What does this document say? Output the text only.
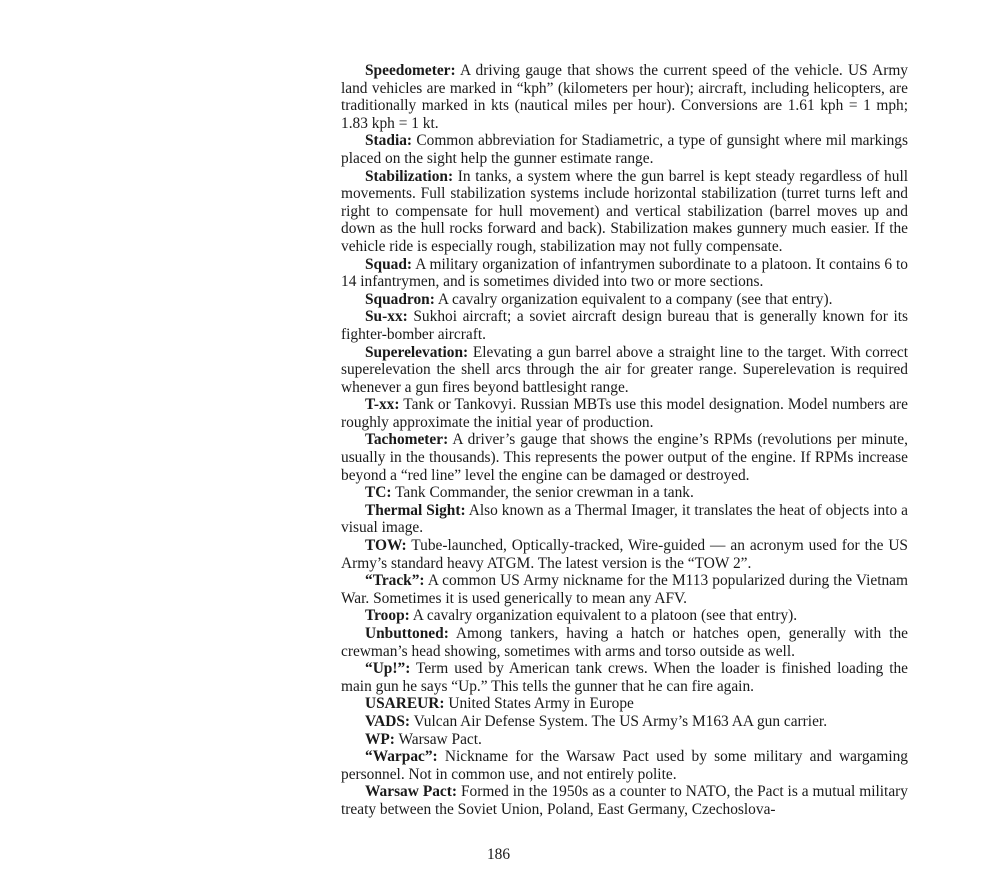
Speedometer: A driving gauge that shows the current speed of the vehicle. US Army land vehicles are marked in “kph” (kilometers per hour); aircraft, including helicopters, are traditionally marked in kts (nautical miles per hour). Conversions are 1.61 kph = 1 mph; 1.83 kph = 1 kt.

Stadia: Common abbreviation for Stadiametric, a type of gunsight where mil markings placed on the sight help the gunner estimate range.

Stabilization: In tanks, a system where the gun barrel is kept steady regardless of hull movements. Full stabilization systems include horizontal stabilization (turret turns left and right to compensate for hull movement) and vertical stabilization (barrel moves up and down as the hull rocks forward and back). Stabilization makes gunnery much easier. If the vehicle ride is especially rough, stabilization may not fully compensate.

Squad: A military organization of infantrymen subordinate to a platoon. It contains 6 to 14 infantrymen, and is sometimes divided into two or more sections.

Squadron: A cavalry organization equivalent to a company (see that entry).

Su-xx: Sukhoi aircraft; a soviet aircraft design bureau that is generally known for its fighter-bomber aircraft.

Superelevation: Elevating a gun barrel above a straight line to the target. With correct superelevation the shell arcs through the air for greater range. Superelevation is required whenever a gun fires beyond battlesight range.

T-xx: Tank or Tankovyi. Russian MBTs use this model designation. Model numbers are roughly approximate the initial year of production.

Tachometer: A driver’s gauge that shows the engine’s RPMs (revolutions per minute, usually in the thousands). This represents the power output of the engine. If RPMs increase beyond a “red line” level the engine can be damaged or destroyed.

TC: Tank Commander, the senior crewman in a tank.

Thermal Sight: Also known as a Thermal Imager, it translates the heat of objects into a visual image.

TOW: Tube-launched, Optically-tracked, Wire-guided — an acronym used for the US Army’s standard heavy ATGM. The latest version is the “TOW 2”.

“Track”: A common US Army nickname for the M113 popularized during the Vietnam War. Sometimes it is used generically to mean any AFV.

Troop: A cavalry organization equivalent to a platoon (see that entry).

Unbuttoned: Among tankers, having a hatch or hatches open, generally with the crewman’s head showing, sometimes with arms and torso outside as well.

“Up!”: Term used by American tank crews. When the loader is finished loading the main gun he says “Up.” This tells the gunner that he can fire again.

USAREUR: United States Army in Europe

VADS: Vulcan Air Defense System. The US Army’s M163 AA gun carrier.

WP: Warsaw Pact.

“Warpac”: Nickname for the Warsaw Pact used by some military and wargaming personnel. Not in common use, and not entirely polite.

Warsaw Pact: Formed in the 1950s as a counter to NATO, the Pact is a mutual military treaty between the Soviet Union, Poland, East Germany, Czechoslova-

186
